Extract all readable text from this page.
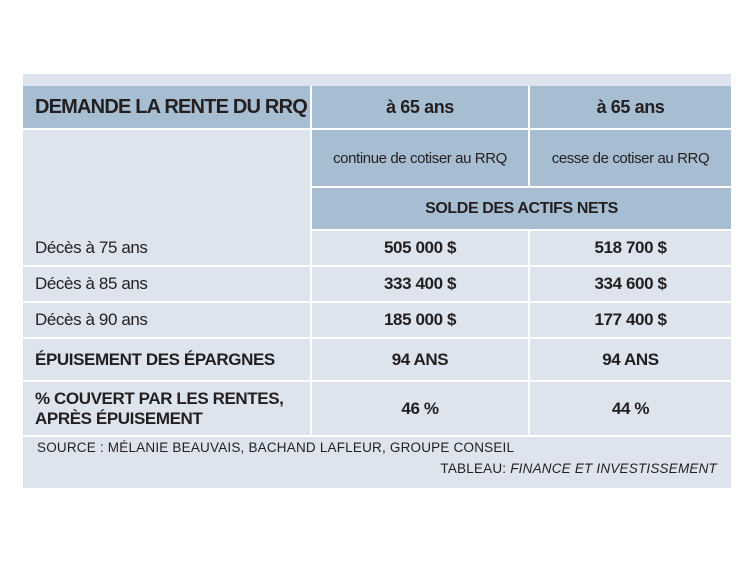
DEMANDE LA RENTE DU RRQ	à 65 ans	à 65 ans
	continue de cotiser au RRQ	cesse de cotiser au RRQ
	SOLDE DES ACTIFS NETS	
Décès à 75 ans	505 000 $	518 700 $
Décès à 85 ans	333 400 $	334 600 $
Décès à 90 ans	185 000 $	177 400 $
ÉPUISEMENT DES ÉPARGNES	94 ANS	94 ANS

% COUVERT PAR LES RENTES,
APRÈS ÉPUISEMENT	46 %	44 %
SOURCE : MÉLANIE BEAUVAIS, BACHAND LAFLEUR, GROUPE CONSEIL
TABLEAU: FINANCE ET INVESTISSEMENT
